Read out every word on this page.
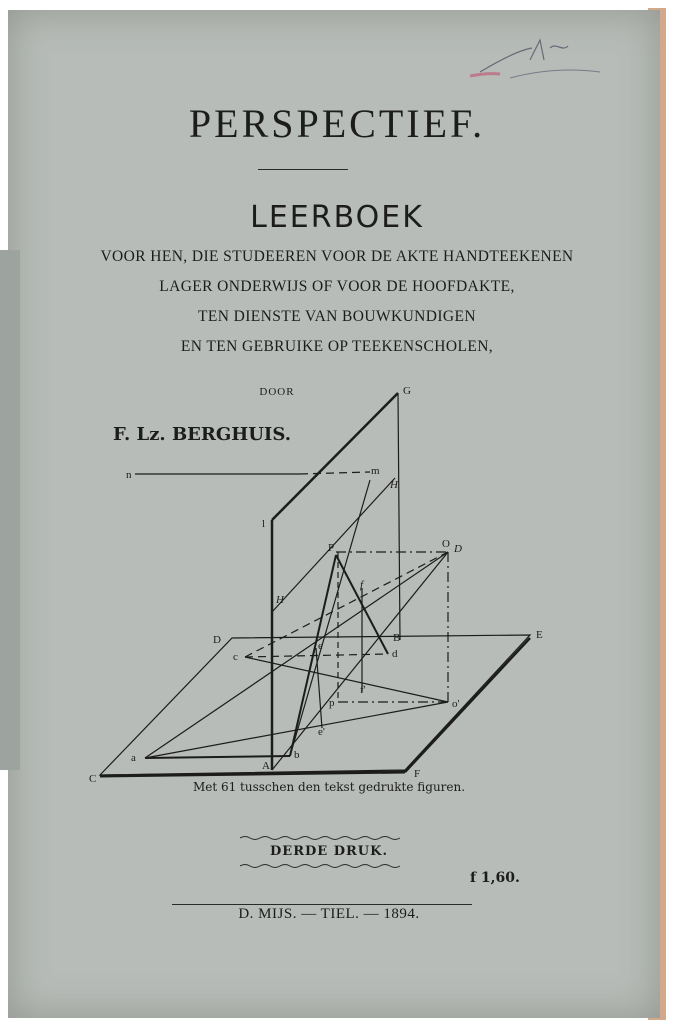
PERSPECTIEF.
LEERBOEK
VOOR HEN, DIE STUDEEREN VOOR DE AKTE HANDTEEKENEN
LAGER ONDERWIJS OF VOOR DE HOOFDAKTE,
TEN DIENSTE VAN BOUWKUNDIGEN
EN TEN GEBRUIKE OP TEEKENSCHOLEN,
DOOR
F. Lz. BERGHUIS.
G
n	m
H
l
P	O D
f
H
D	E
e
c
B
d
p
f'
o'
e'
a
A
b
C	F
Met 61 tusschen den tekst gedrukte figuren.
DERDE DRUK.
f 1,60.
D. MIJS. — TIEL. — 1894.
